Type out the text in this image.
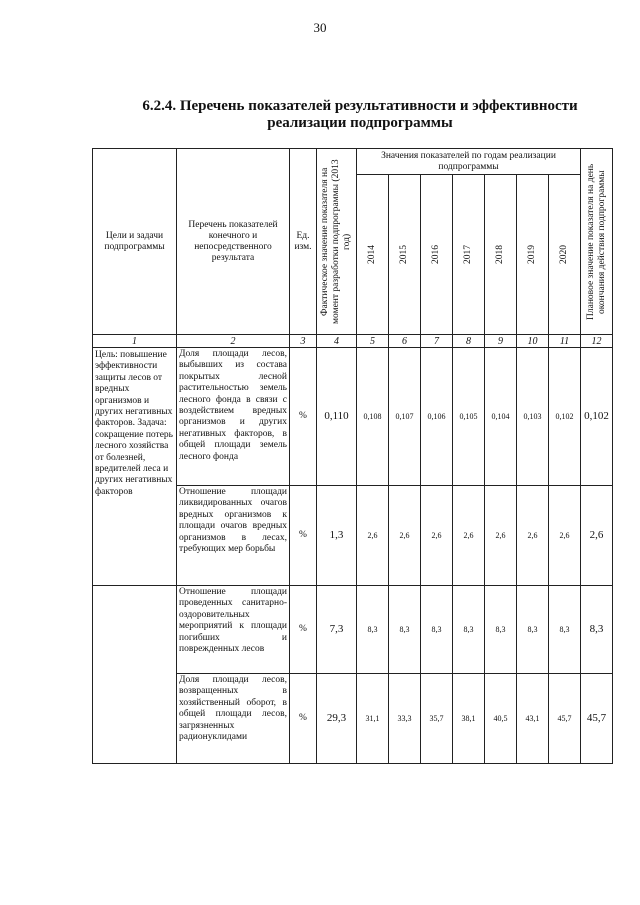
30
6.2.4. Перечень показателей результативности и эффективности
реализации подпрограммы
Цели и задачи подпрограммы	Перечень показателей конечного и непосредственного результата	Ед. изм.	Фактическое значение показателя на момент разработки подпрограммы (2013 год)	Значения показателей по годам реализации подпрограммы							Плановое значение показателя на день окончания действия подпрограммы

				2014	2015	2016	2017	2018	2019	2020	

1	2	3	4	5	6	7	8	9	10	11	12
Цель: повышение эффективности защиты лесов от вредных организмов и других негативных факторов. Задача: сокращение потерь лесного хозяйства от болезней, вредителей леса и других негативных факторов	Доля площади лесов, выбывших из состава покрытых лесной растительностью земель лесного фонда в связи с воздействием вредных организмов и других негативных факторов, в общей площади земель лесного фонда	%	0,110	0,108	0,107	0,106	0,105	0,104	0,103	0,102	0,102
	Отношение площади ликвидированных очагов вредных организмов к площади очагов вредных организмов в лесах, требующих мер борьбы	%	1,3	2,6	2,6	2,6	2,6	2,6	2,6	2,6	2,6
	Отношение площади проведенных санитарно-оздоровительных мероприятий к площади погибших и поврежденных лесов	%	7,3	8,3	8,3	8,3	8,3	8,3	8,3	8,3	8,3
	Доля площади лесов, возвращенных в хозяйственный оборот, в общей площади лесов, загрязненных радионуклидами	%	29,3	31,1	33,3	35,7	38,1	40,5	43,1	45,7	45,7
